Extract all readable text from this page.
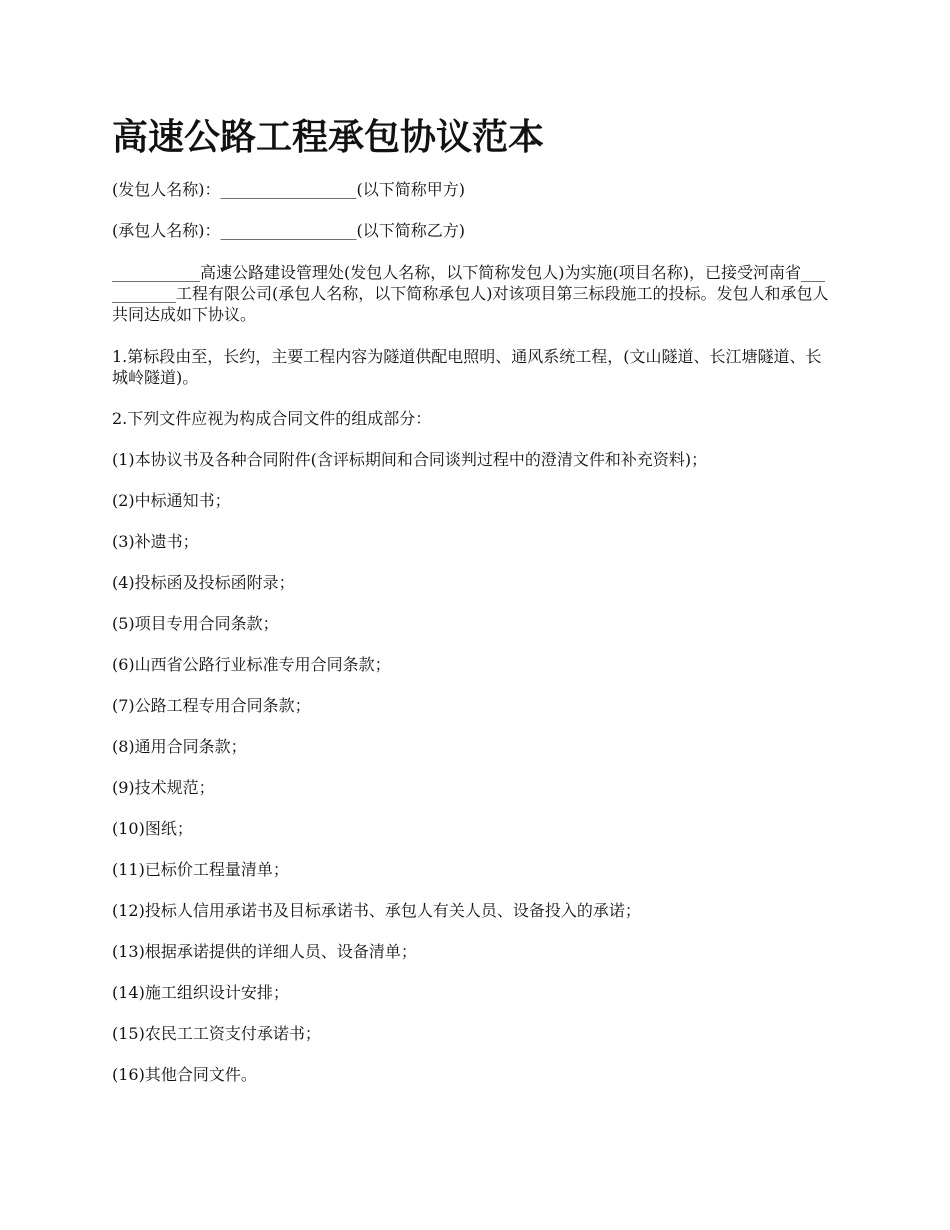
高速公路工程承包协议范本

(发包人名称)：_________________(以下简称甲方)

(承包人名称)：_________________(以下简称乙方)

___________高速公路建设管理处(发包人名称，以下简称发包人)为实施(项目名称)，已接受河南省___________工程有限公司(承包人名称，以下简称承包人)对该项目第三标段施工的投标。发包人和承包人共同达成如下协议。

1.第标段由至，长约，主要工程内容为隧道供配电照明、通风系统工程，(文山隧道、长江塘隧道、长城岭隧道)。

2.下列文件应视为构成合同文件的组成部分：

(1)本协议书及各种合同附件(含评标期间和合同谈判过程中的澄清文件和补充资料)；

(2)中标通知书；

(3)补遗书；

(4)投标函及投标函附录；

(5)项目专用合同条款；

(6)山西省公路行业标准专用合同条款；

(7)公路工程专用合同条款；

(8)通用合同条款；

(9)技术规范；

(10)图纸；

(11)已标价工程量清单；

(12)投标人信用承诺书及目标承诺书、承包人有关人员、设备投入的承诺；

(13)根据承诺提供的详细人员、设备清单；

(14)施工组织设计安排；

(15)农民工工资支付承诺书；

(16)其他合同文件。
